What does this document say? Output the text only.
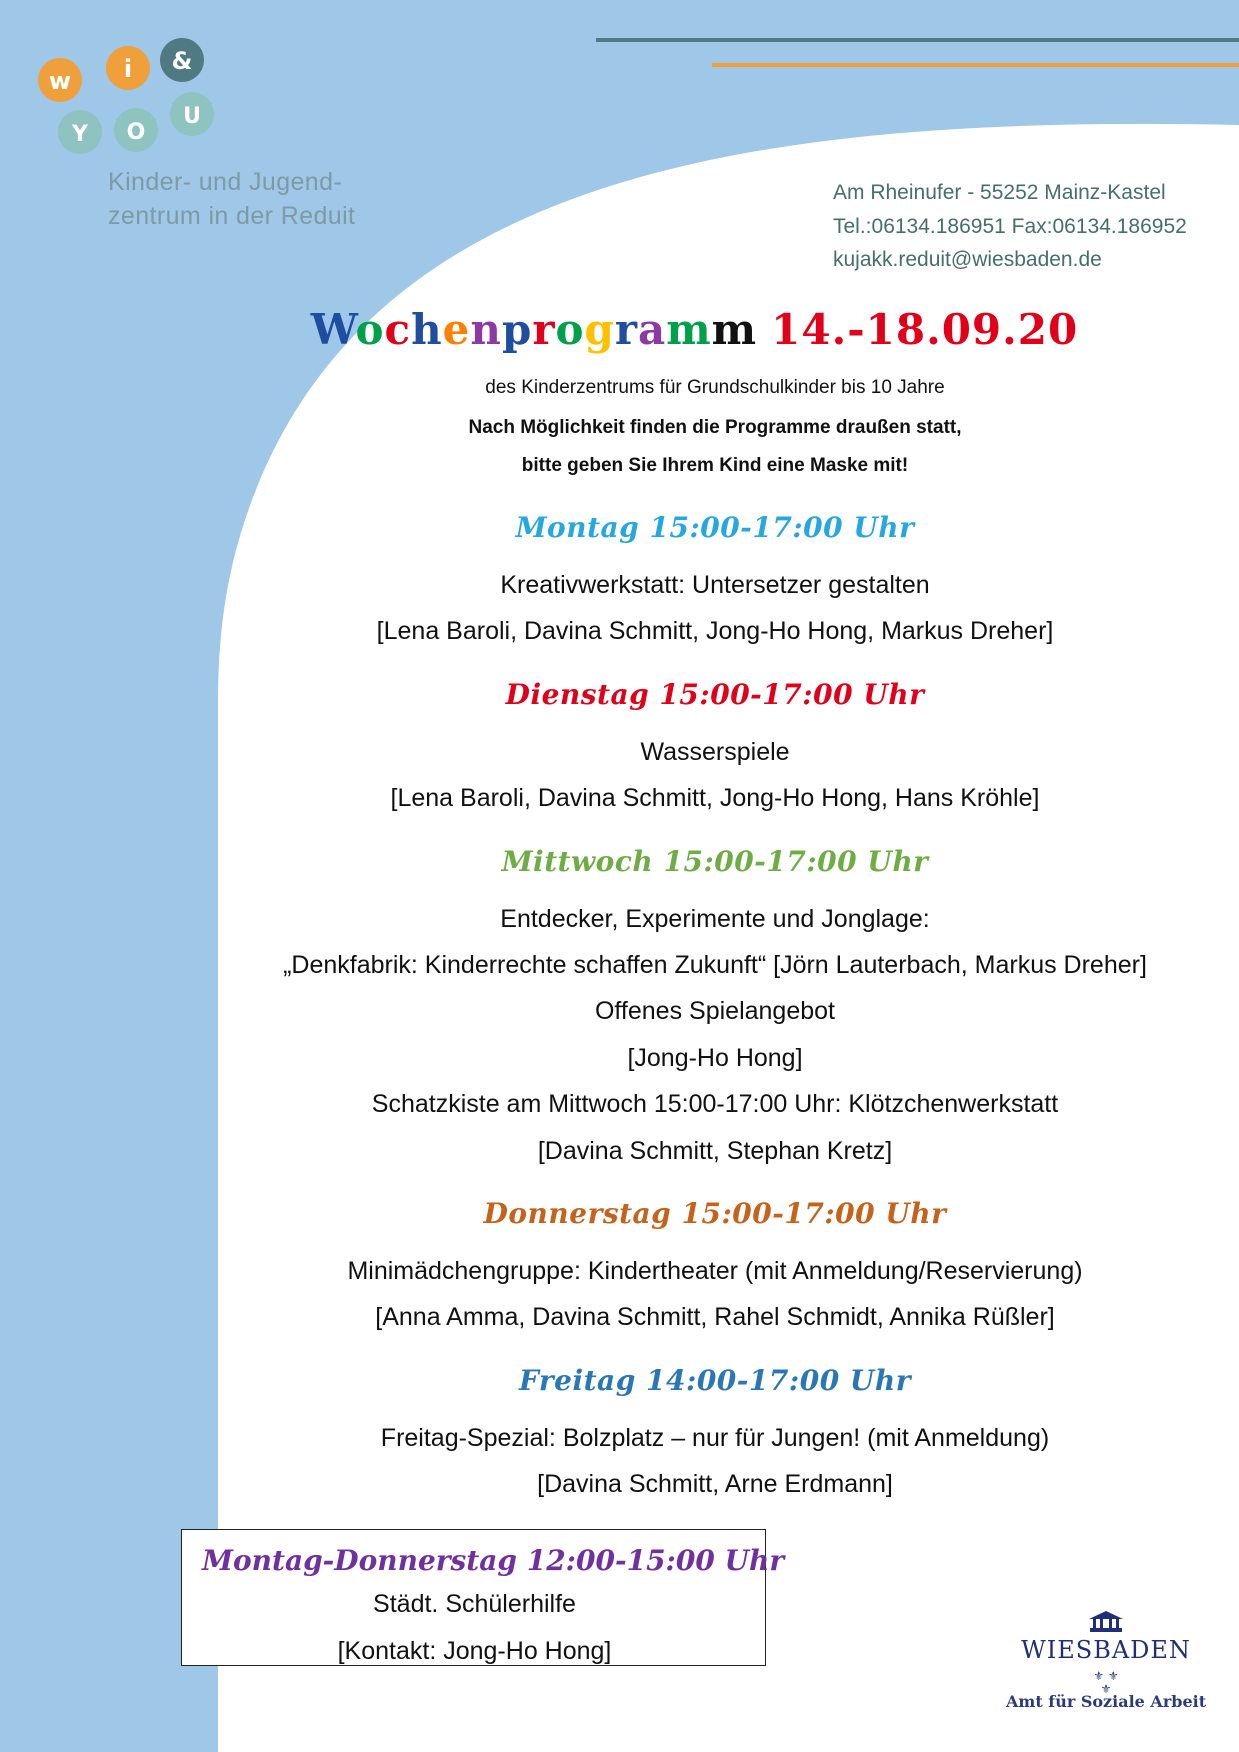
w i &
Y O
U
Kinder- und Jugend-
zentrum in der Reduit
Am Rheinufer - 55252 Mainz-Kastel
Tel.:06134.186951 Fax:06134.186952
kujakk.reduit@wiesbaden.de
Wochenprogramm 14.-18.09.20
des Kinderzentrums für Grundschulkinder bis 10 Jahre
Nach Möglichkeit finden die Programme draußen statt,
bitte geben Sie Ihrem Kind eine Maske mit!
Montag 15:00-17:00 Uhr
Kreativwerkstatt: Untersetzer gestalten
[Lena Baroli, Davina Schmitt, Jong-Ho Hong, Markus Dreher]
Dienstag 15:00-17:00 Uhr
Wasserspiele
[Lena Baroli, Davina Schmitt, Jong-Ho Hong, Hans Kröhle]
Mittwoch 15:00-17:00 Uhr
Entdecker, Experimente und Jonglage:
„Denkfabrik: Kinderrechte schaffen Zukunft“ [Jörn Lauterbach, Markus Dreher]
Offenes Spielangebot
[Jong-Ho Hong]
Schatzkiste am Mittwoch 15:00-17:00 Uhr: Klötzchenwerkstatt
[Davina Schmitt, Stephan Kretz]
Donnerstag 15:00-17:00 Uhr
Minimädchengruppe: Kindertheater (mit Anmeldung/Reservierung)
[Anna Amma, Davina Schmitt, Rahel Schmidt, Annika Rüßler]
Freitag 14:00-17:00 Uhr
Freitag-Spezial: Bolzplatz – nur für Jungen! (mit Anmeldung)
[Davina Schmitt, Arne Erdmann]
Montag-Donnerstag 12:00-15:00 Uhr
Städt. Schülerhilfe
[Kontakt: Jong-Ho Hong]	WIESBADEN
⚜ ⚜
⚜
Amt für Soziale Arbeit
